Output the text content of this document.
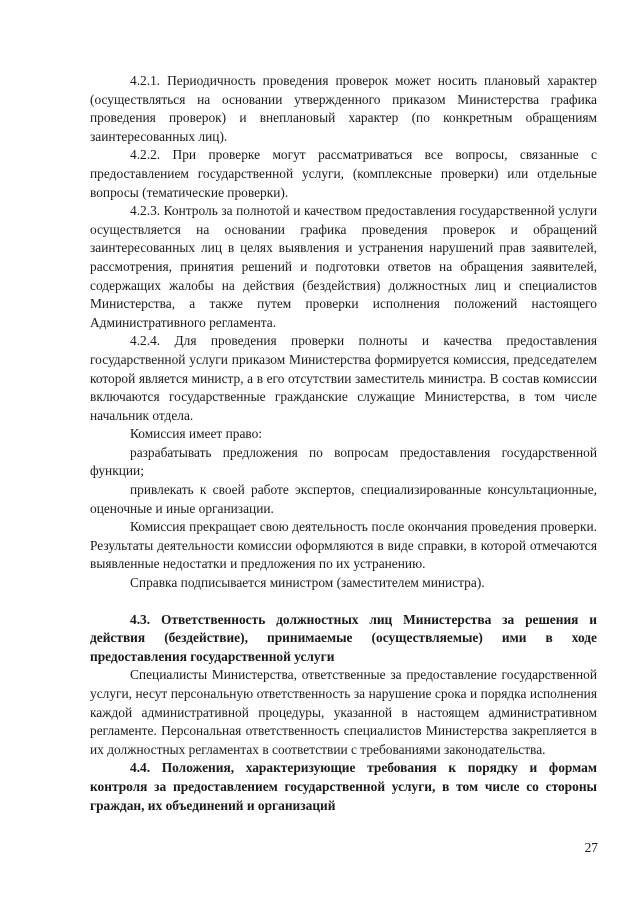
4.2.1. Периодичность проведения проверок может носить плановый характер (осуществляться на основании утвержденного приказом Министерства графика проведения проверок) и внеплановый характер (по конкретным обращениям заинтересованных лиц).

4.2.2. При проверке могут рассматриваться все вопросы, связанные с предоставлением государственной услуги, (комплексные проверки) или отдельные вопросы (тематические проверки).

4.2.3. Контроль за полнотой и качеством предоставления государственной услуги осуществляется на основании графика проведения проверок и обращений заинтересованных лиц в целях выявления и устранения нарушений прав заявителей, рассмотрения, принятия решений и подготовки ответов на обращения заявителей, содержащих жалобы на действия (бездействия) должностных лиц и специалистов Министерства, а также путем проверки исполнения положений настоящего Административного регламента.

4.2.4. Для проведения проверки полноты и качества предоставления государственной услуги приказом Министерства формируется комиссия, председателем которой является министр, а в его отсутствии заместитель министра. В состав комиссии включаются государственные гражданские служащие Министерства, в том числе начальник отдела.

Комиссия имеет право:

разрабатывать предложения по вопросам предоставления государственной функции;

привлекать к своей работе экспертов, специализированные консультационные, оценочные и иные организации.

Комиссия прекращает свою деятельность после окончания проведения проверки. Результаты деятельности комиссии оформляются в виде справки, в которой отмечаются выявленные недостатки и предложения по их устранению.

Справка подписывается министром (заместителем министра).

4.3. Ответственность должностных лиц Министерства за решения и действия (бездействие), принимаемые (осуществляемые) ими в ходе предоставления государственной услуги

Специалисты Министерства, ответственные за предоставление государственной услуги, несут персональную ответственность за нарушение срока и порядка исполнения каждой административной процедуры, указанной в настоящем административном регламенте. Персональная ответственность специалистов Министерства закрепляется в их должностных регламентах в соответствии с требованиями законодательства.

4.4. Положения, характеризующие требования к порядку и формам контроля за предоставлением государственной услуги, в том числе со стороны граждан, их объединений и организаций

27
